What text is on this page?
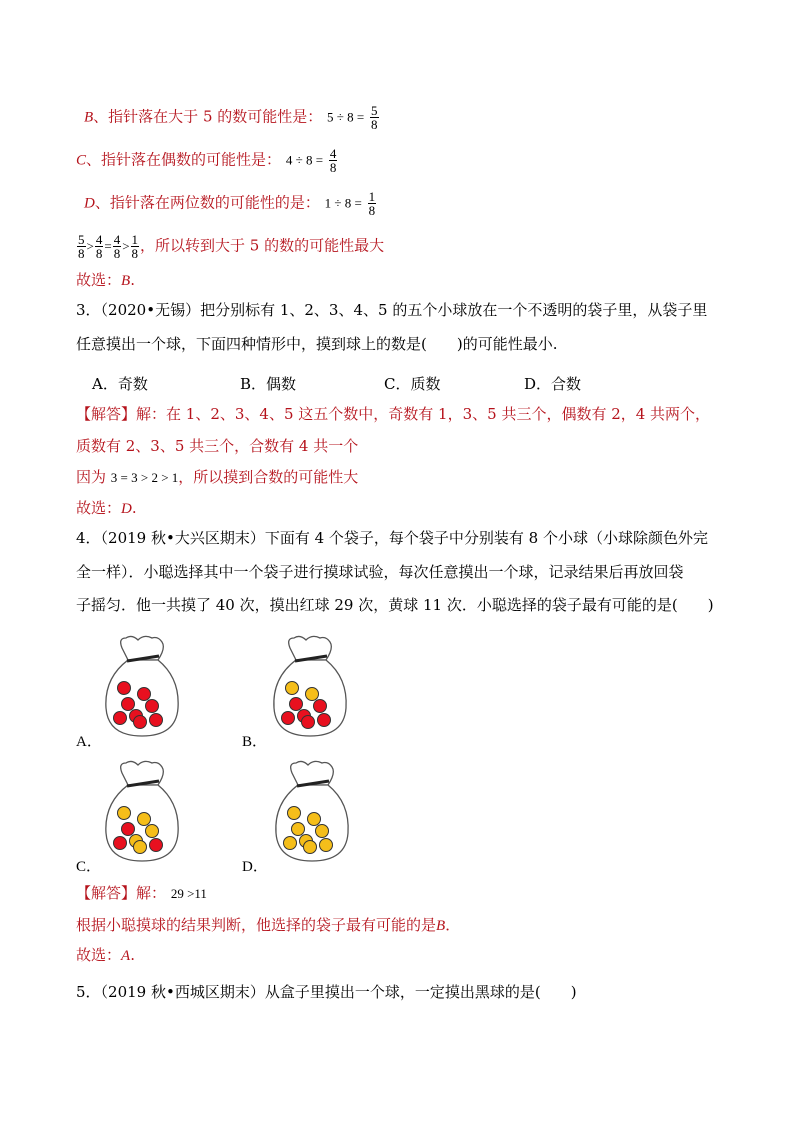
B、指针落在大于 5 的数可能性是： $5 \div 8 = \frac{5}{8}$
C、指针落在偶数的可能性是： $4 \div 8 = \frac{4}{8}$
D、指针落在两位数的可能性的是： $1 \div 8 = \frac{1}{8}$
$\frac{5}{8} > \frac{4}{8} = \frac{4}{8} > \frac{1}{8}$ ，所以转到大于 5 的数的可能性最大
故选：B.
3．（2020•无锡）把分别标有 1、2、3、4、5 的五个小球放在一个不透明的袋子里，从袋子里
任意摸出一个球，下面四种情形中，摸到球上的数是(　　)的可能性最小.
A．奇数	B．偶数	C．质数	D．合数
【解答】解：在 1、2、3、4、5 这五个数中，奇数有 1，3、5 共三个，偶数有 2，4 共两个，
质数有 2、3、5 共三个，合数有 4 共一个
因为 3 = 3 > 2 > 1，所以摸到合数的可能性大
故选：D.
4．（2019 秋•大兴区期末）下面有 4 个袋子，每个袋子中分别装有 8 个小球（小球除颜色外完
全一样）．小聪选择其中一个袋子进行摸球试验，每次任意摸出一个球，记录结果后再放回袋
子摇匀．他一共摸了 40 次，摸出红球 29 次，黄球 11 次．小聪选择的袋子最有可能的是(　　)
A．	B．
C．	D．
【解答】解： 29 >11
根据小聪摸球的结果判断，他选择的袋子最有可能的是B．
故选：A.
5．（2019 秋•西城区期末）从盒子里摸出一个球，一定摸出黑球的是(　　)
